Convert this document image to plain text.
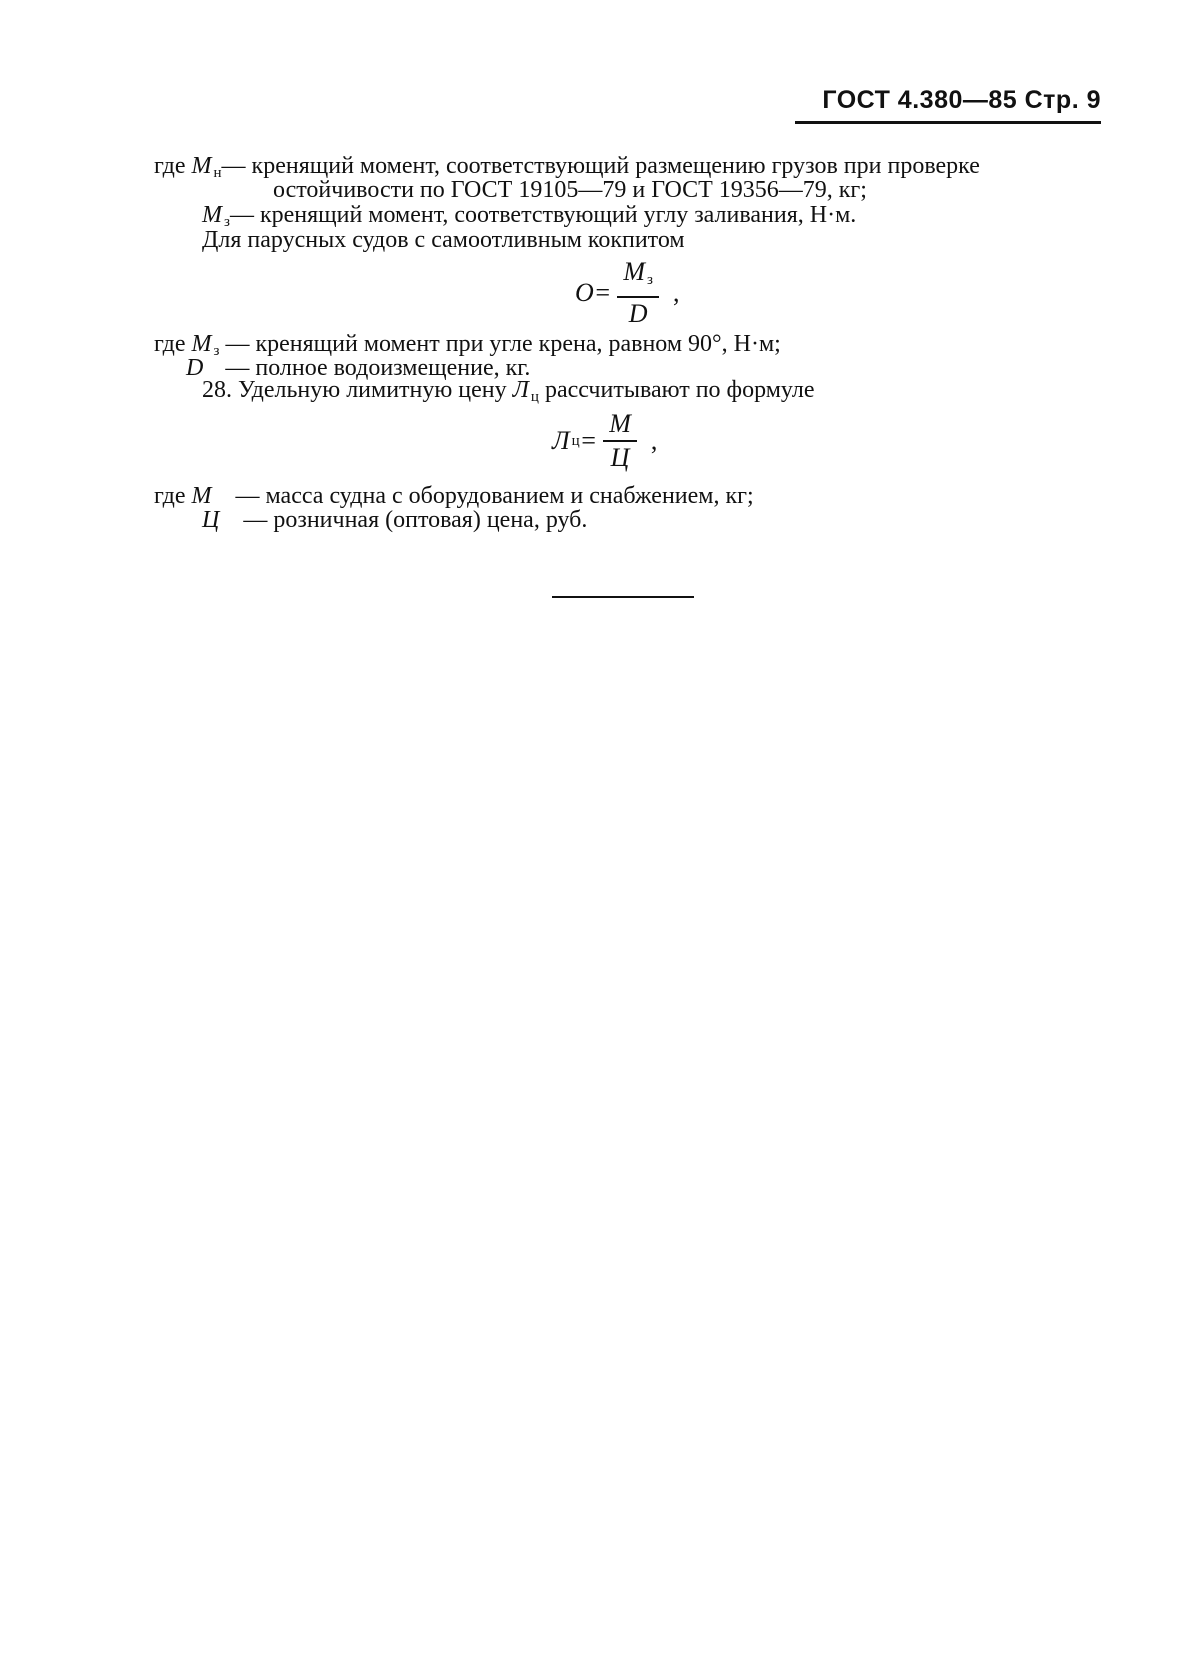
ГОСТ 4.380—85 Стр. 9
где М $_н$— кренящий момент, соответствующий размещению грузов при проверке
остойчивости по ГОСТ 19105—79 и ГОСТ 19356—79, кг;
М $_з$— кренящий момент, соответствующий углу заливания, Н·м.
Для парусных судов с самоотливным кокпитом
$О = \frac{М _з}{D}$ ,
где М $_з$ — кренящий момент при угле крена, равном 90°, Н·м;
D — полное водоизмещение, кг.
28. Удельную лимитную цену Л $_ц$ рассчитывают по формуле
Л $ц = \frac{М}{Ц}$ ,
где М — масса судна с оборудованием и снабжением, кг;
Ц — розничная (оптовая) цена, руб.
